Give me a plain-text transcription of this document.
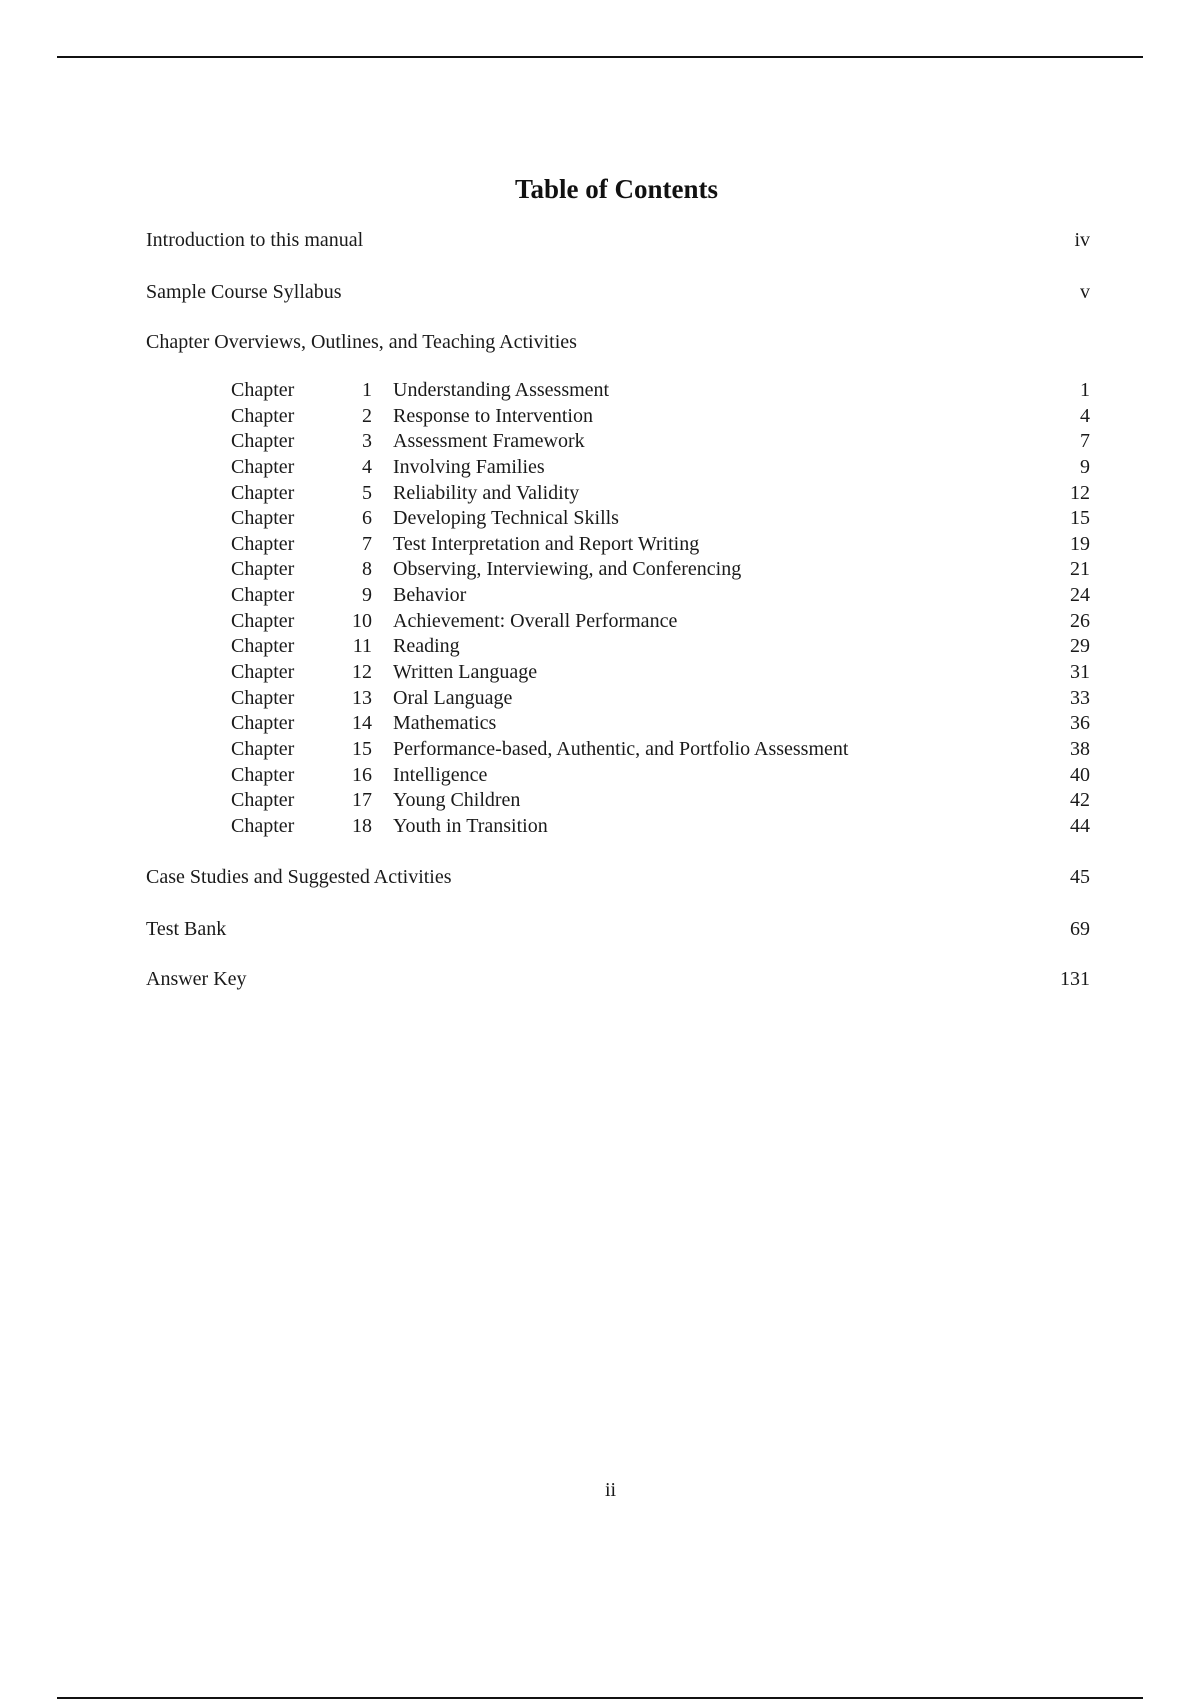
Table of Contents
Introduction to this manual	iv
Sample Course Syllabus	v
Chapter Overviews, Outlines, and Teaching Activities
Chapter	1 Understanding Assessment	1
Chapter	2 Response to Intervention	4
Chapter	3 Assessment Framework	7
Chapter	4 Involving Families	9
Chapter	5 Reliability and Validity	12
Chapter	6 Developing Technical Skills	15
Chapter	7 Test Interpretation and Report Writing	19
Chapter	8 Observing, Interviewing, and Conferencing	21
Chapter	9 Behavior	24
Chapter	10 Achievement: Overall Performance	26
Chapter	11 Reading	29
Chapter	12 Written Language	31
Chapter	13 Oral Language	33
Chapter	14 Mathematics	36
Chapter	15 Performance-based, Authentic, and Portfolio Assessment	38
Chapter	16 Intelligence	40
Chapter	17 Young Children	42
Chapter	18 Youth in Transition	44
Case Studies and Suggested Activities	45
Test Bank	69
Answer Key	131
ii
